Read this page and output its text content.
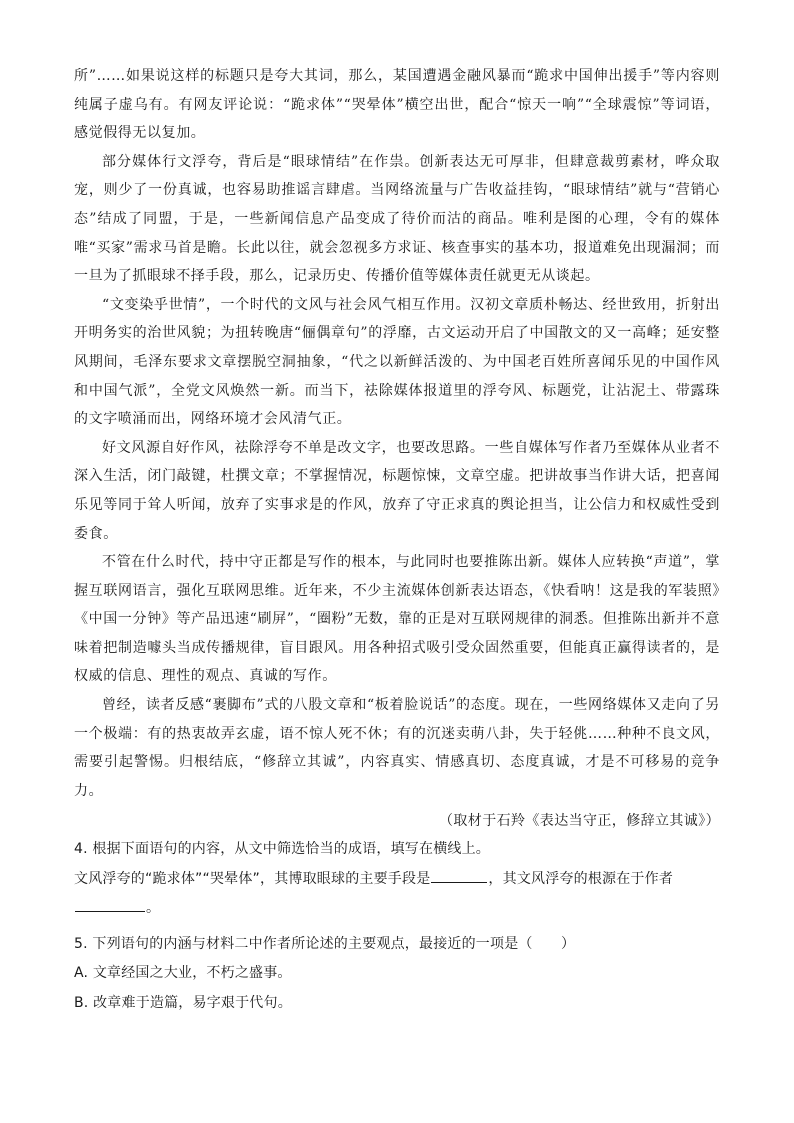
所”……如果说这样的标题只是夸大其词，那么，某国遭遇金融风暴而“跪求中国伸出援手”等内容则纯属子虚乌有。有网友评论说：“跪求体”“哭晕体”横空出世，配合“惊天一响”“全球震惊”等词语，感觉假得无以复加。

部分媒体行文浮夸，背后是“眼球情结”在作祟。创新表达无可厚非，但肆意裁剪素材，哗众取宠，则少了一份真诚，也容易助推谣言肆虐。当网络流量与广告收益挂钩，“眼球情结”就与“营销心态”结成了同盟，于是，一些新闻信息产品变成了待价而沽的商品。唯利是图的心理，令有的媒体唯“买家”需求马首是瞻。长此以往，就会忽视多方求证、核查事实的基本功，报道难免出现漏洞；而一旦为了抓眼球不择手段，那么，记录历史、传播价值等媒体责任就更无从谈起。

“文变染乎世情”，一个时代的文风与社会风气相互作用。汉初文章质朴畅达、经世致用，折射出开明务实的治世风貌；为扭转晚唐“俪偶章句”的浮靡，古文运动开启了中国散文的又一高峰；延安整风期间，毛泽东要求文章摆脱空洞抽象，“代之以新鲜活泼的、为中国老百姓所喜闻乐见的中国作风和中国气派”，全党文风焕然一新。而当下，祛除媒体报道里的浮夸风、标题党，让沾泥土、带露珠的文字喷涌而出，网络环境才会风清气正。

好文风源自好作风，祛除浮夸不单是改文字，也要改思路。一些自媒体写作者乃至媒体从业者不深入生活，闭门敲键，杜撰文章；不掌握情况，标题惊悚，文章空虚。把讲故事当作讲大话，把喜闻乐见等同于耸人听闻，放弃了实事求是的作风，放弃了守正求真的舆论担当，让公信力和权威性受到委食。

不管在什么时代，持中守正都是写作的根本，与此同时也要推陈出新。媒体人应转换“声道”，掌握互联网语言，强化互联网思维。近年来，不少主流媒体创新表达语态，《快看呐！这是我的军装照》《中国一分钟》等产品迅速“刷屏”，“圈粉”无数，靠的正是对互联网规律的洞悉。但推陈出新并不意味着把制造噱头当成传播规律，盲目跟风。用各种招式吸引受众固然重要，但能真正赢得读者的，是权威的信息、理性的观点、真诚的写作。

曾经，读者反感“裹脚布”式的八股文章和“板着脸说话”的态度。现在，一些网络媒体又走向了另一个极端：有的热衷故弄玄虚，语不惊人死不休；有的沉迷卖萌八卦，失于轻佻……种种不良文风，需要引起警惕。归根结底，“修辞立其诚”，内容真实、情感真切、态度真诚，才是不可移易的竞争力。

（取材于石羚《表达当守正，修辞立其诚》）
4. 根据下面语句的内容，从文中筛选恰当的成语，填写在横线上。
文风浮夸的“跪求体”“哭晕体”，其博取眼球的主要手段是	，其文风浮夸的根源在于作者
。
5. 下列语句的内涵与材料二中作者所论述的主要观点，最接近的一项是（　　）
A. 文章经国之大业，不朽之盛事。
B. 改章难于造篇，易字艰于代句。
